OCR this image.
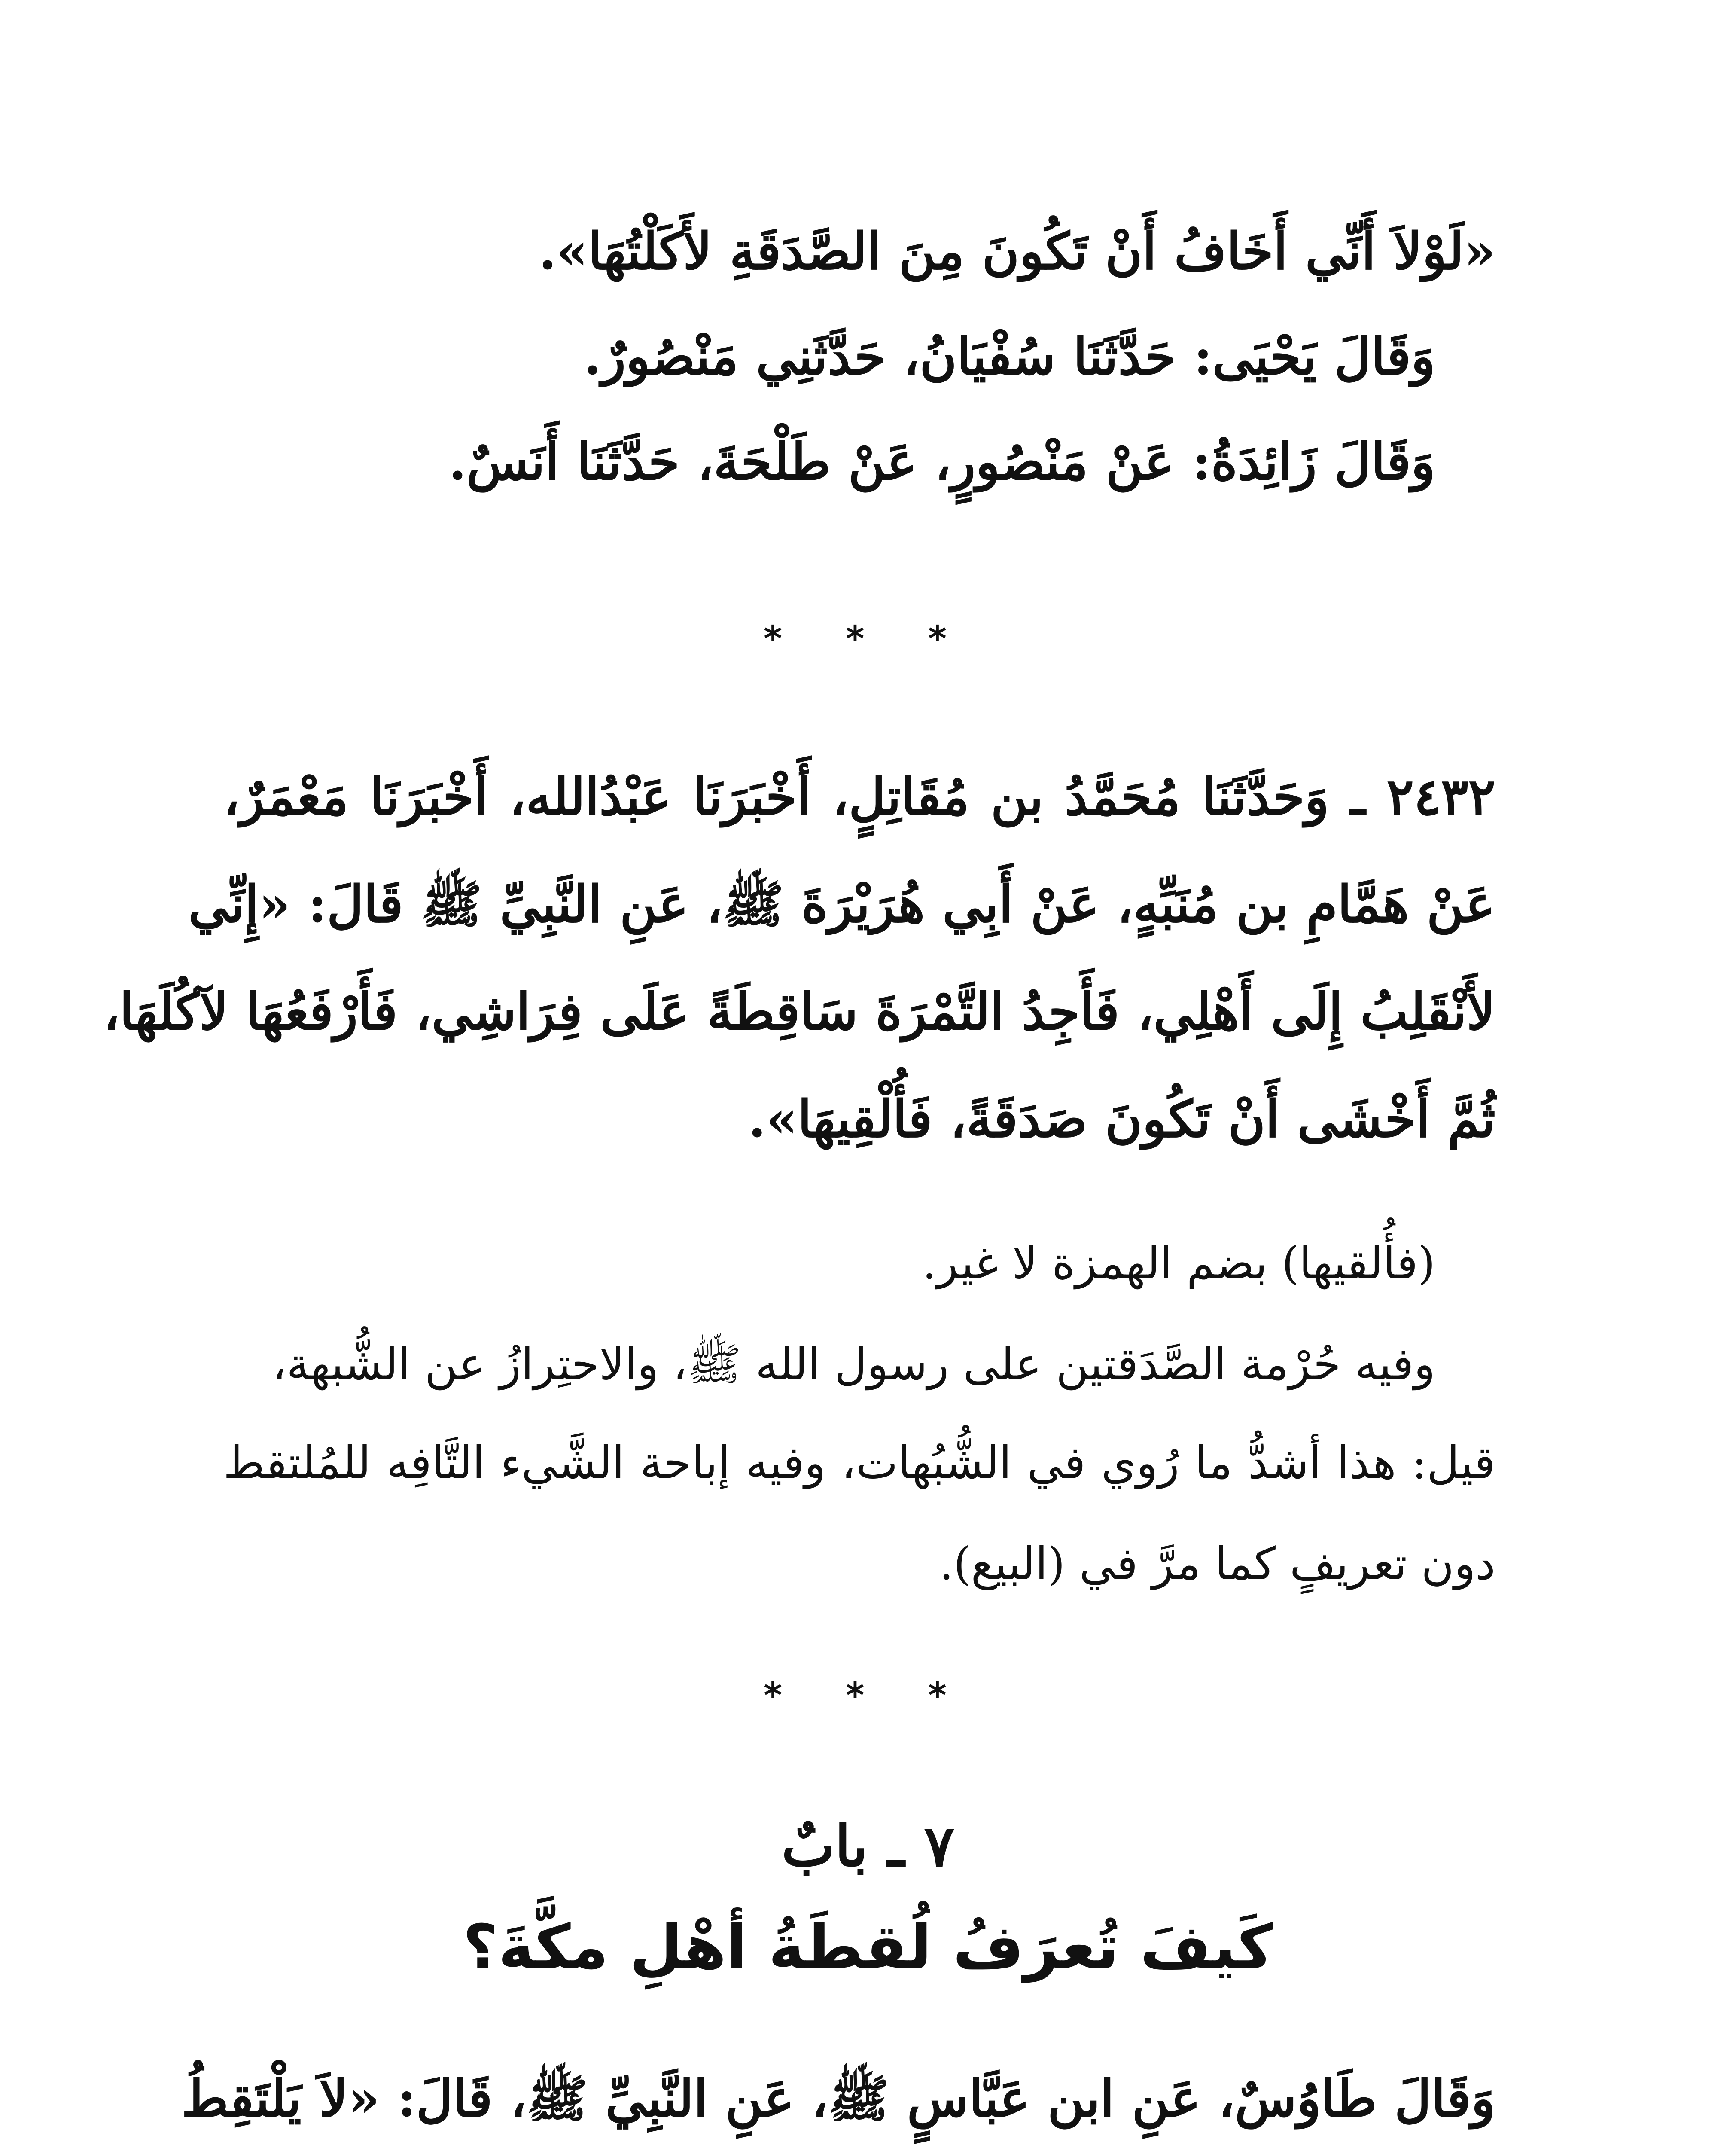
«لَوْلاَ أَنِّي أَخَافُ أَنْ تَكُونَ مِنَ الصَّدَقَةِ لأَكَلْتُهَا».
وَقَالَ يَحْيَى: حَدَّثَنَا سُفْيَانُ، حَدَّثَنِي مَنْصُورٌ.
وَقَالَ زَائِدَةُ: عَنْ مَنْصُورٍ، عَنْ طَلْحَةَ، حَدَّثَنَا أَنَسٌ.
* * *
٢٤٣٢ ـ وَحَدَّثَنَا مُحَمَّدُ بن مُقَاتِلٍ، أَخْبَرَنَا عَبْدُالله، أَخْبَرَنَا مَعْمَرٌ،
عَنْ هَمَّامِ بن مُنَبِّهٍ، عَنْ أَبِي هُرَيْرَةَ ﷺ، عَنِ النَّبِيِّ ﷺ قَالَ: «إِنِّي
لأَنْقَلِبُ إِلَى أَهْلِي، فَأَجِدُ التَّمْرَةَ سَاقِطَةً عَلَى فِرَاشِي، فَأَرْفَعُهَا لآكُلَهَا،
ثُمَّ أَخْشَى أَنْ تَكُونَ صَدَقَةً، فَأُلْقِيهَا».
(فأُلقيها) بضم الهمزة لا غير.
وفيه حُرْمة الصَّدَقتين على رسول الله ﷺ، والاحتِرازُ عن الشُّبهة،
قيل: هذا أشدُّ ما رُوي في الشُّبُهات، وفيه إباحة الشَّيء التَّافِه للمُلتقط
دون تعريفٍ كما مرَّ في (البيع).
* * *
٧ ـ بابٌ
كَيفَ تُعرَفُ لُقطَةُ أهْلِ مكَّةَ؟
وَقَالَ طَاوُسٌ، عَنِ ابن عَبَّاسٍ ﷺ، عَنِ النَّبِيِّ ﷺ، قَالَ: «لاَ يَلْتَقِطُ
